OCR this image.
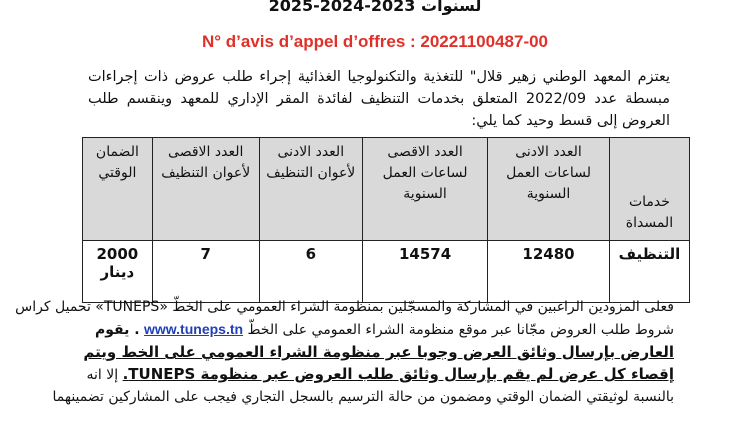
لسنوات 2023-2024-2025
N° d’avis d’appel d’offres : 20221100487-00
يعتزم المعهد الوطني زهير قلال" للتغذية والتكنولوجيا الغذائية إجراء طلب عروض ذات إجراءات مبسطة عدد 2022/09 المتعلق بخدمات التنظيف لفائدة المقر الإداري للمعهد وينقسم طلب العروض إلى قسط وحيد كما يلي:
خدمات المسداة	العدد الادنى لساعات العمل السنوية	العدد الاقصى لساعات العمل السنوية	العدد الادنى لأعوان التنظيف	العدد الاقصى لأعوان التنظيف	الضمان الوقتي
التنظيف	12480	14574	6	7	2000 دينار
فعلى المزودين الراغبين في المشاركة والمسجّلين بمنظومة الشراء العمومي على الخطّ «TUNEPS» تحميل كراس
شروط طلب العروض مجّانا عبر موقع منظومة الشراء العمومي على الخطّ www.tuneps.tn . يقوم
العارض بإرسال وثائق العرض وجوبا عبر منظومة الشراء العمومي على الخط ويتم
إقصاء كل عرض لم يقم بإرسال وثائق طلب العروض عبر منظومة TUNEPS. إلا انه
بالنسبة لوثيقتي الضمان الوقتي ومضمون من حالة الترسيم بالسجل التجاري فيجب على المشاركين تضمينهما
